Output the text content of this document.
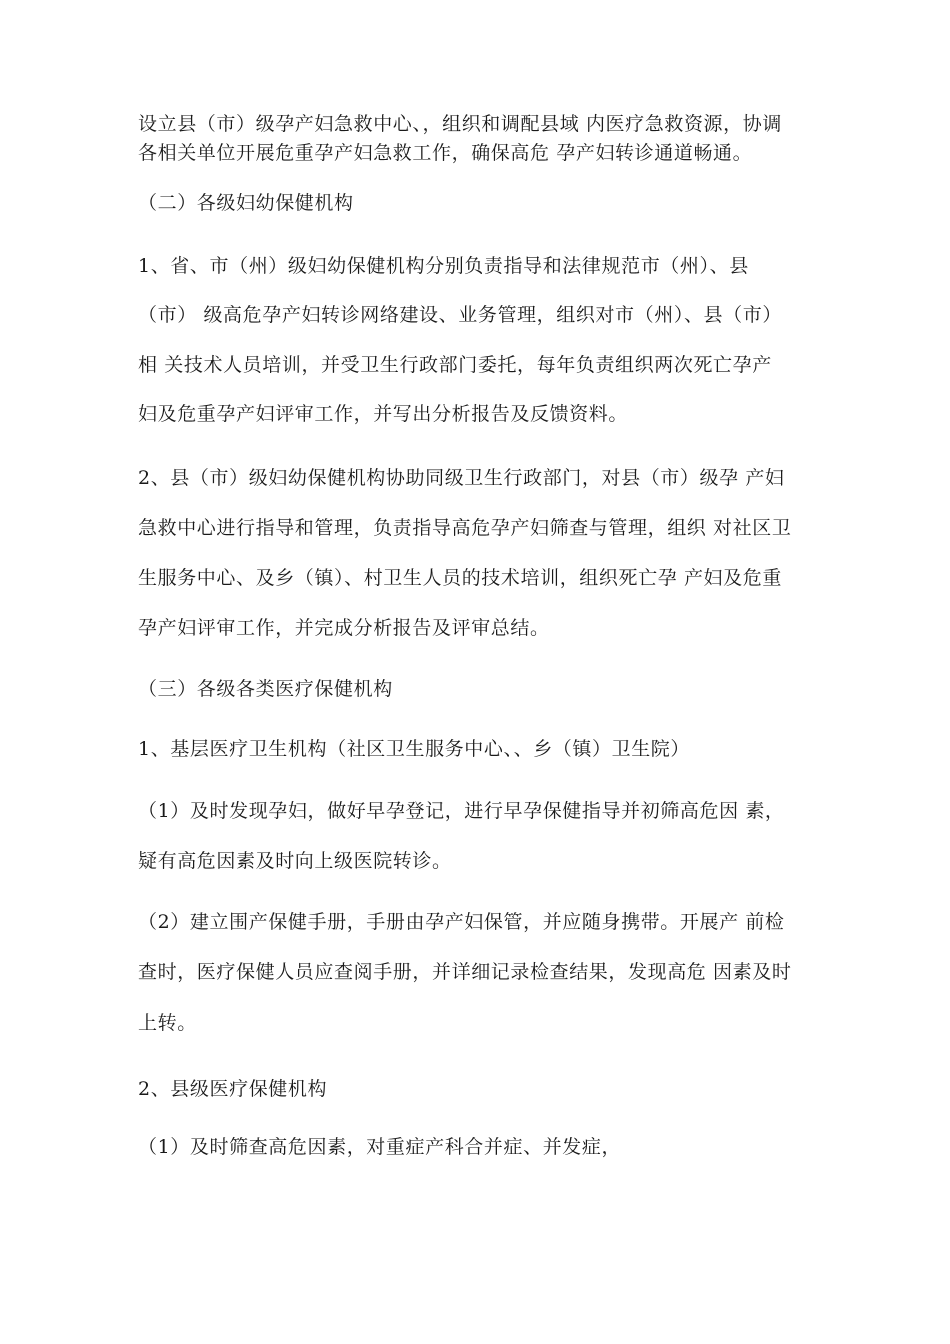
设立县（市）级孕产妇急救中心、，组织和调配县域 内医疗急救资源，协调
各相关单位开展危重孕产妇急救工作，确保高危 孕产妇转诊通道畅通。
（二）各级妇幼保健机构
1、省、市（州）级妇幼保健机构分别负责指导和法律规范市（州）、县
（市） 级高危孕产妇转诊网络建设、业务管理，组织对市（州）、县（市）
相 关技术人员培训，并受卫生行政部门委托，每年负责组织两次死亡孕产
妇及危重孕产妇评审工作，并写出分析报告及反馈资料。
2、县（市）级妇幼保健机构协助同级卫生行政部门，对县（市）级孕 产妇
急救中心进行指导和管理，负责指导高危孕产妇筛查与管理，组织 对社区卫
生服务中心、及乡（镇）、村卫生人员的技术培训，组织死亡孕 产妇及危重
孕产妇评审工作，并完成分析报告及评审总结。
（三）各级各类医疗保健机构
1、基层医疗卫生机构（社区卫生服务中心、、乡（镇）卫生院）
（1）及时发现孕妇，做好早孕登记，进行早孕保健指导并初筛高危因 素，
疑有高危因素及时向上级医院转诊。
（2）建立围产保健手册，手册由孕产妇保管，并应随身携带。开展产 前检
查时，医疗保健人员应查阅手册，并详细记录检查结果，发现高危 因素及时
上转。
2、县级医疗保健机构
（1）及时筛查高危因素，对重症产科合并症、并发症，
